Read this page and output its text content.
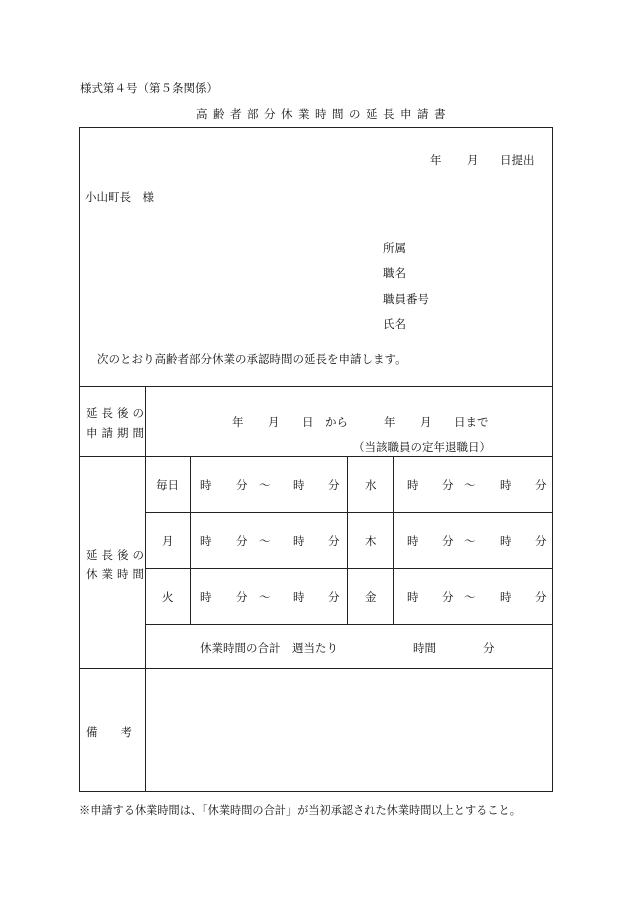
様式第４号（第５条関係）
高齢者部分休業時間の延長申請書
年 月 日提出
小山町長　様
所属
職名
職員番号
氏名
次のとおり高齢者部分休業の承認時間の延長を申請します。
延長後の
申請期間
年 月 日 から	年 月 日まで
（当該職員の定年退職日）
延長後の
休業時間
毎日 時 分 〜 時 分 水	時 分 〜 時 分
月 時 分 〜 時 分 木	時 分 〜 時 分
火 時 分 〜 時 分 金	時 分 〜 時 分
休業時間の合計　週当たり	時間	分
備　　考
※申請する休業時間は、「休業時間の合計」が当初承認された休業時間以上とすること。
